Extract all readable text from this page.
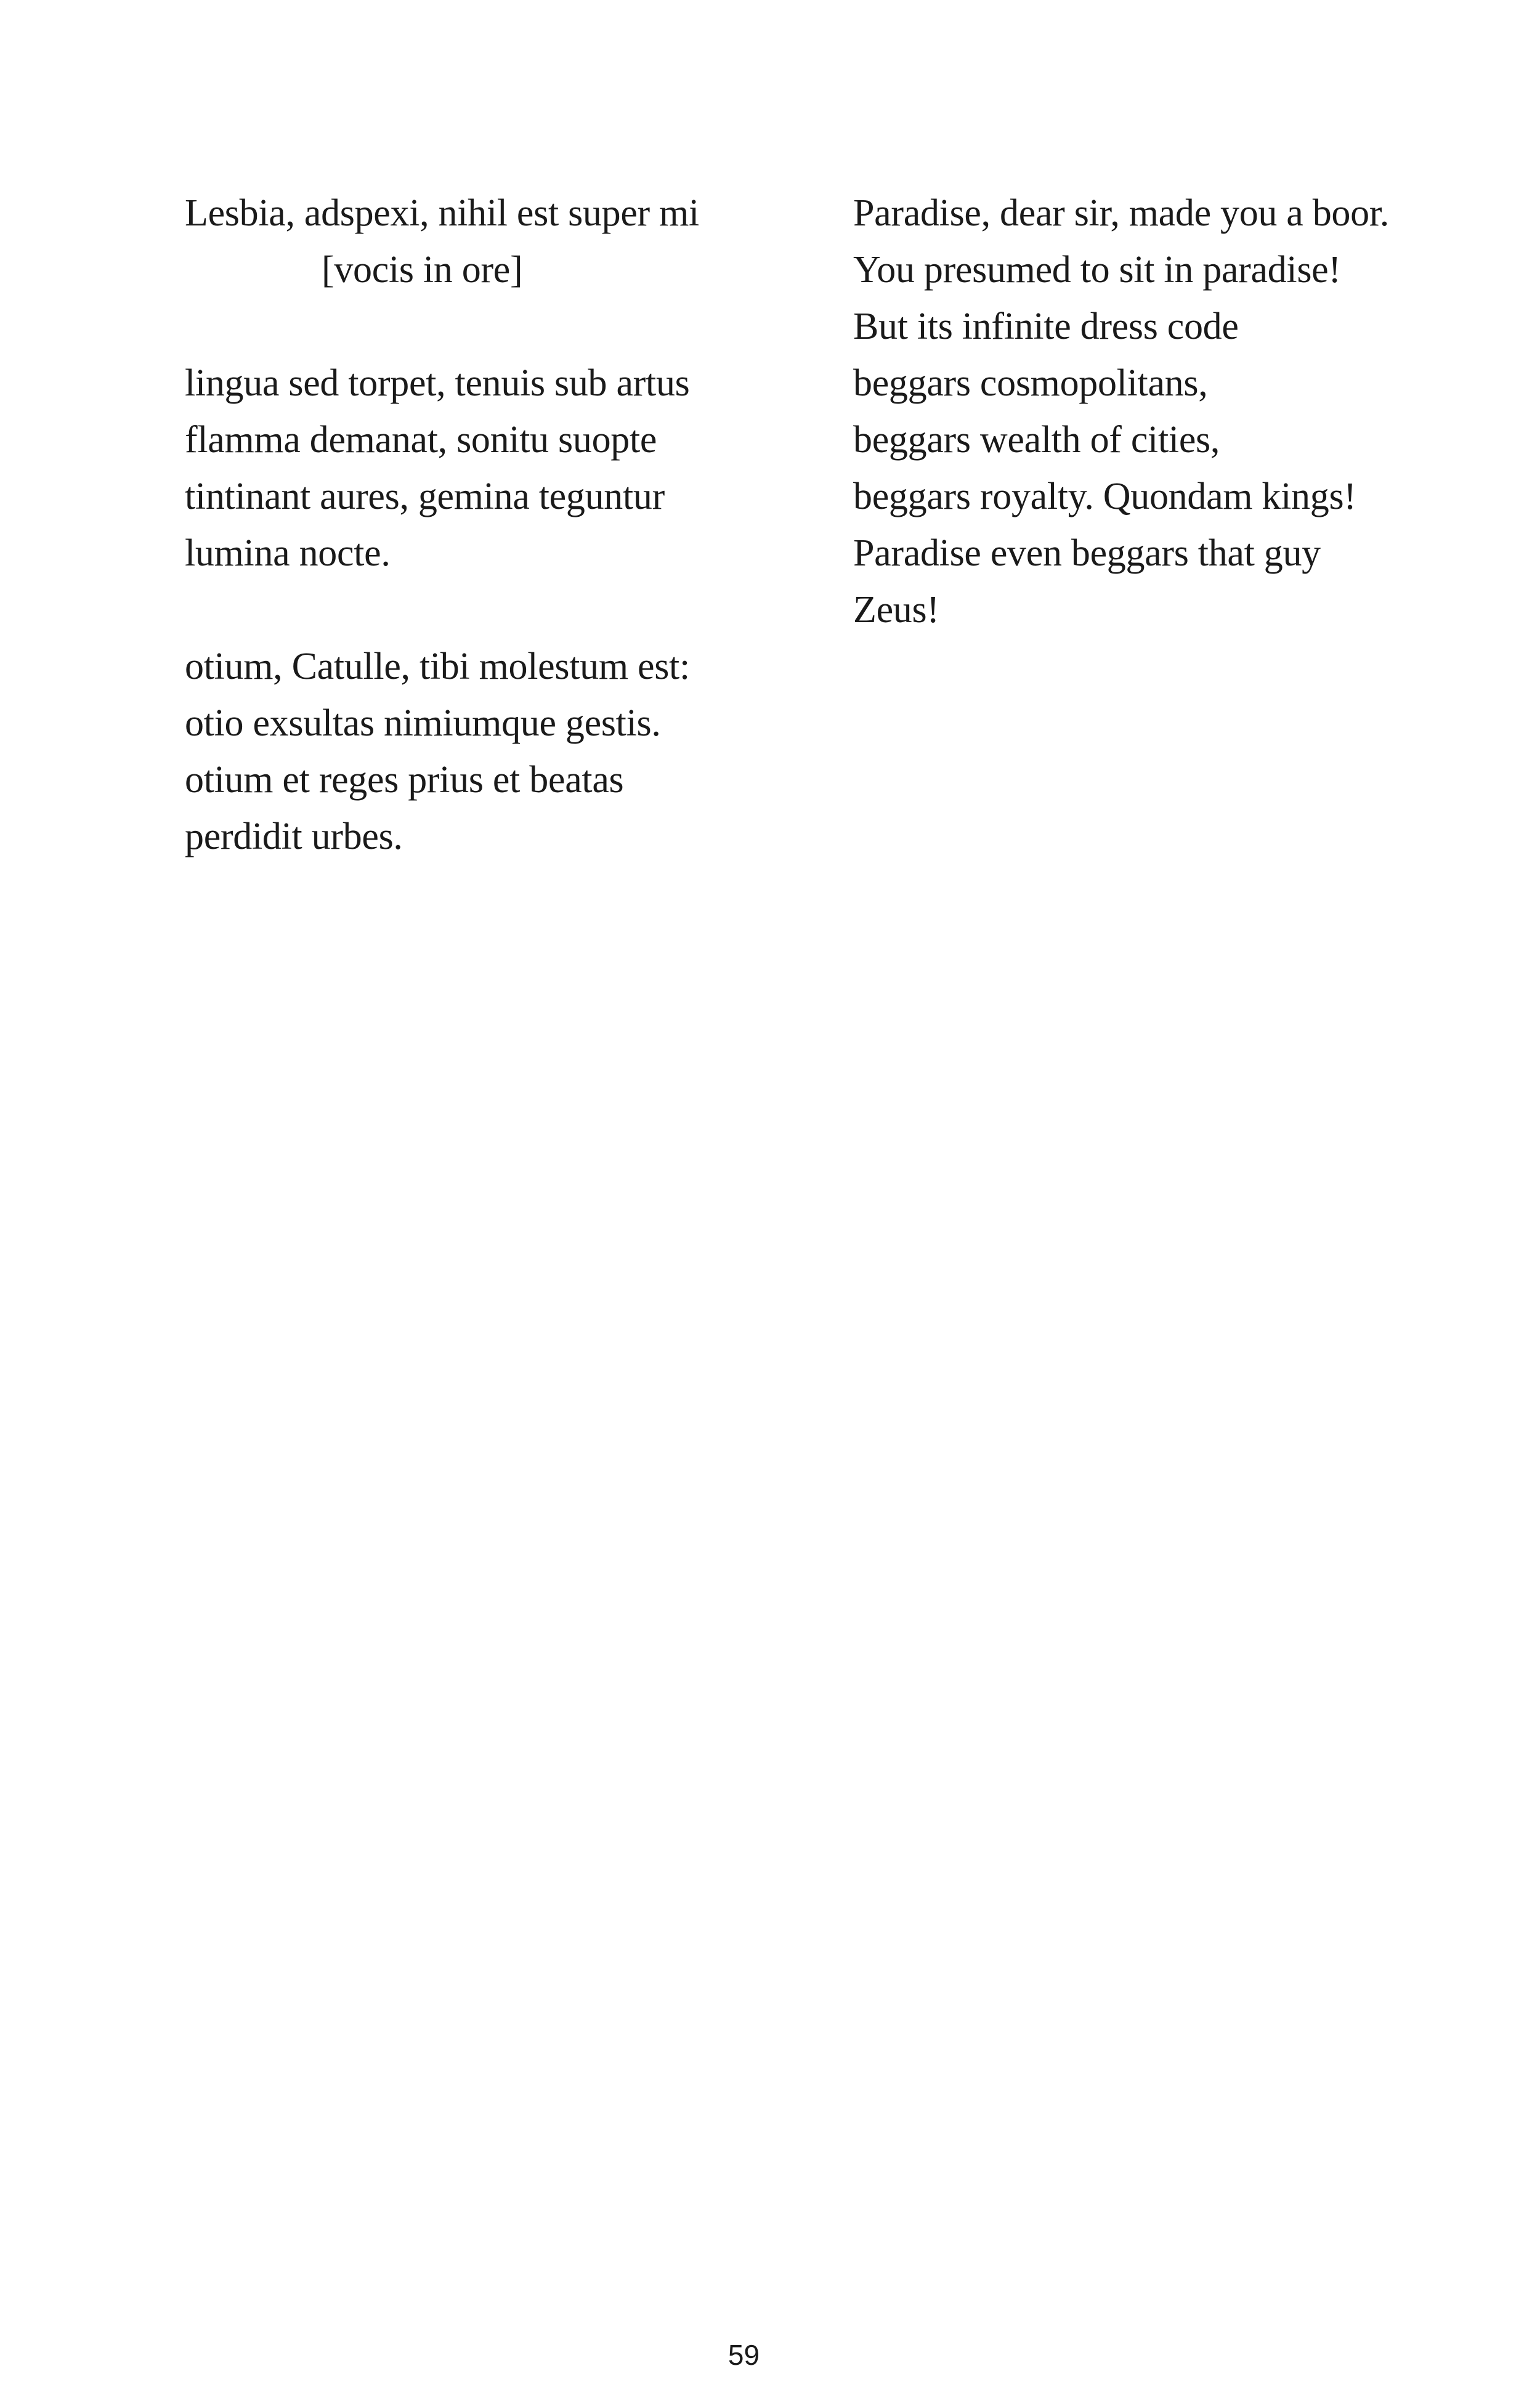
Lesbia, adspexi, nihil est super mi
[vocis in ore]
lingua sed torpet, tenuis sub artus
flamma demanat, sonitu suopte
tintinant aures, gemina teguntur
lumina nocte.
otium, Catulle, tibi molestum est:
otio exsultas nimiumque gestis.
otium et reges prius et beatas
perdidit urbes.
Paradise, dear sir, made you a boor.
You presumed to sit in paradise!
But its infinite dress code
beggars cosmopolitans,
beggars wealth of cities,
beggars royalty. Quondam kings!
Paradise even beggars that guy
Zeus!
59
